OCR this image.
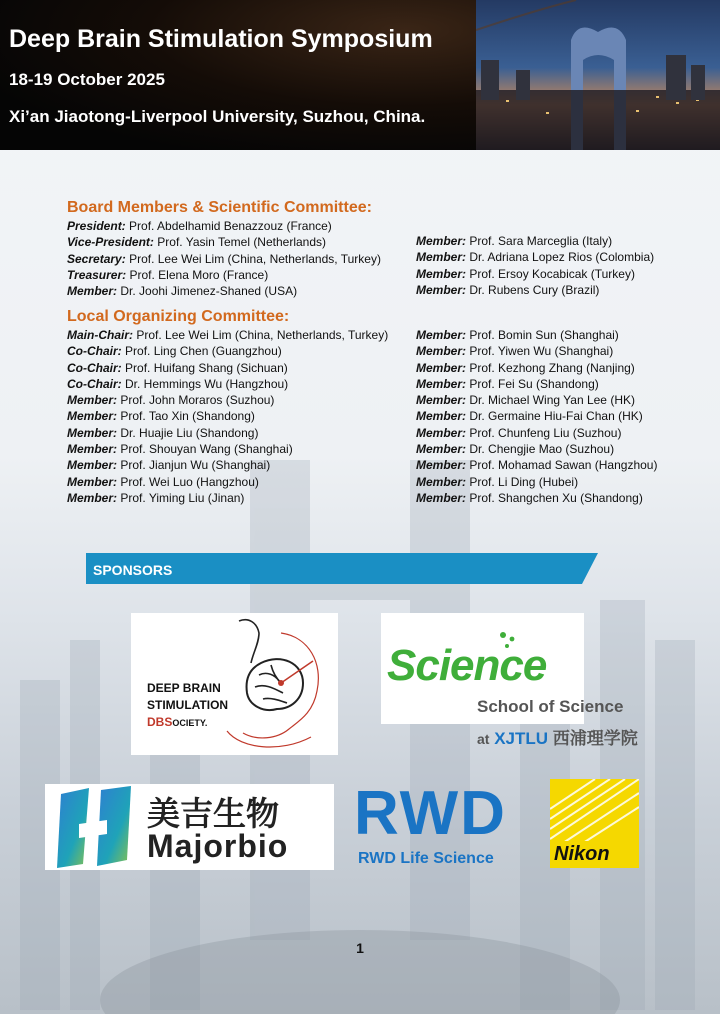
Deep Brain Stimulation Symposium
18-19 October 2025
Xi’an Jiaotong-Liverpool University, Suzhou, China.
Board Members & Scientific Committee:
President: Prof. Abdelhamid Benazzouz (France)
Vice-President: Prof. Yasin Temel (Netherlands)
Secretary: Prof. Lee Wei Lim (China, Netherlands, Turkey)
Treasurer: Prof. Elena Moro (France)
Member: Dr. Joohi Jimenez-Shaned (USA)
Member: Prof. Sara Marceglia (Italy)
Member: Dr. Adriana Lopez Rios (Colombia)
Member: Prof. Ersoy Kocabicak (Turkey)
Member: Dr. Rubens Cury (Brazil)
Local Organizing Committee:
Main-Chair: Prof. Lee Wei Lim (China, Netherlands, Turkey)
Co-Chair: Prof. Ling Chen (Guangzhou)
Co-Chair: Prof. Huifang Shang (Sichuan)
Co-Chair: Dr. Hemmings Wu (Hangzhou)
Member: Prof. John Moraros (Suzhou)
Member: Prof. Tao Xin (Shandong)
Member: Dr. Huajie Liu (Shandong)
Member: Prof. Shouyan Wang (Shanghai)
Member: Prof. Jianjun Wu (Shanghai)
Member: Prof. Wei Luo (Hangzhou)
Member: Prof. Yiming Liu (Jinan)
Member: Prof. Bomin Sun (Shanghai)
Member: Prof. Yiwen Wu (Shanghai)
Member: Prof. Kezhong Zhang (Nanjing)
Member: Prof. Fei Su (Shandong)
Member: Dr. Michael Wing Yan Lee (HK)
Member: Dr. Germaine Hiu-Fai Chan (HK)
Member: Prof. Chunfeng Liu (Suzhou)
Member: Dr. Chengjie Mao (Suzhou)
Member: Prof. Mohamad Sawan (Hangzhou)
Member: Prof. Li Ding (Hubei)
Member: Prof. Shangchen Xu (Shandong)
SPONSORS
DEEP BRAIN
STIMULATION
DBSOCIETY.
Science
School of Science
at XJTLU 西浦理学院
美吉生物
Majorbio RWD
RWD Life Science	Nikon
1
